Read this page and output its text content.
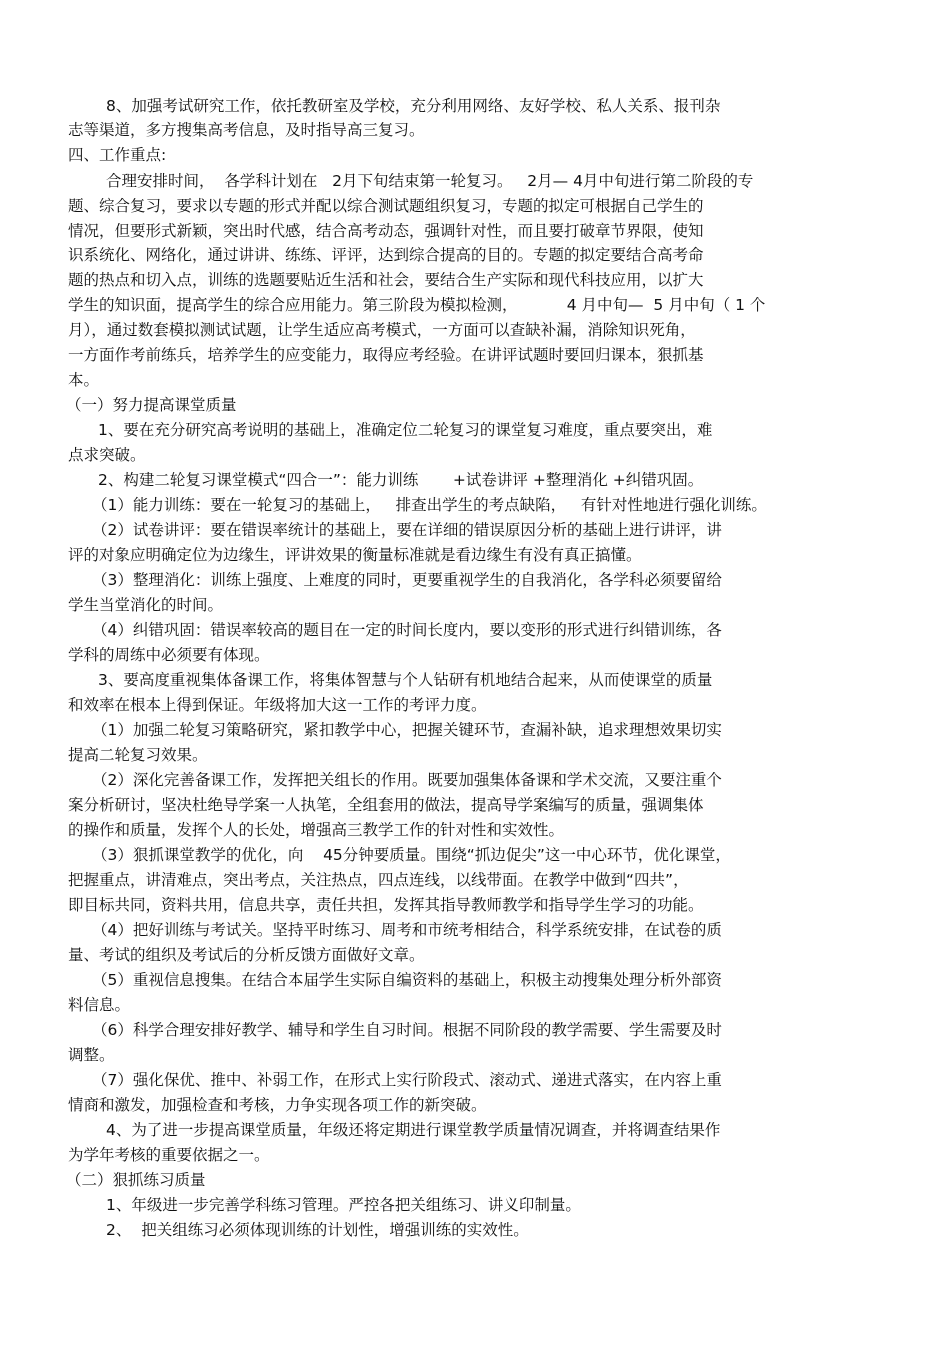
8、加强考试研究工作，依托教研室及学校，充分利用网络、友好学校、私人关系、报刊杂
志等渠道，多方搜集高考信息，及时指导高三复习。
四、工作重点:
合理安排时间，  各学科计划在   2月下旬结束第一轮复习。   2月— 4月中旬进行第二阶段的专
题、综合复习，要求以专题的形式并配以综合测试题组织复习，专题的拟定可根据自己学生的
情况，但要形式新颖，突出时代感，结合高考动态，强调针对性，而且要打破章节界限，使知
识系统化、网络化，通过讲讲、练练、评评，达到综合提高的目的。专题的拟定要结合高考命
题的热点和切入点，训练的选题要贴近生活和社会，要结合生产实际和现代科技应用，以扩大
学生的知识面，提高学生的综合应用能力。第三阶段为模拟检测，          4 月中旬—  5 月中旬（ 1 个
月），通过数套模拟测试试题，让学生适应高考模式，一方面可以查缺补漏，消除知识死角，
一方面作考前练兵，培养学生的应变能力，取得应考经验。在讲评试题时要回归课本，狠抓基
本。
（一）努力提高课堂质量
1、要在充分研究高考说明的基础上，准确定位二轮复习的课堂复习难度，重点要突出，难
点求突破。
2、构建二轮复习课堂模式“四合一”：能力训练       +试卷讲评 +整理消化 +纠错巩固。
（1）能力训练：要在一轮复习的基础上，   排查出学生的考点缺陷，   有针对性地进行强化训练。
（2）试卷讲评：要在错误率统计的基础上，要在详细的错误原因分析的基础上进行讲评，讲
评的对象应明确定位为边缘生，评讲效果的衡量标准就是看边缘生有没有真正搞懂。
（3）整理消化：训练上强度、上难度的同时，更要重视学生的自我消化，各学科必须要留给
学生当堂消化的时间。
（4）纠错巩固：错误率较高的题目在一定的时间长度内，要以变形的形式进行纠错训练，各
学科的周练中必须要有体现。
3、要高度重视集体备课工作，将集体智慧与个人钻研有机地结合起来，从而使课堂的质量
和效率在根本上得到保证。年级将加大这一工作的考评力度。
（1）加强二轮复习策略研究，紧扣教学中心，把握关键环节，查漏补缺，追求理想效果切实
提高二轮复习效果。
（2）深化完善备课工作，发挥把关组长的作用。既要加强集体备课和学术交流，又要注重个
案分析研讨，坚决杜绝导学案一人执笔，全组套用的做法，提高导学案编写的质量，强调集体
的操作和质量，发挥个人的长处，增强高三教学工作的针对性和实效性。
（3）狠抓课堂教学的优化，向    45分钟要质量。围绕“抓边促尖”这一中心环节，优化课堂，
把握重点，讲清难点，突出考点，关注热点，四点连线，以线带面。在教学中做到“四共”，
即目标共同，资料共用，信息共享，责任共担，发挥其指导教师教学和指导学生学习的功能。
（4）把好训练与考试关。坚持平时练习、周考和市统考相结合，科学系统安排，在试卷的质
量、考试的组织及考试后的分析反馈方面做好文章。
（5）重视信息搜集。在结合本届学生实际自编资料的基础上，积极主动搜集处理分析外部资
料信息。
（6）科学合理安排好教学、辅导和学生自习时间。根据不同阶段的教学需要、学生需要及时
调整。
（7）强化保优、推中、补弱工作，在形式上实行阶段式、滚动式、递进式落实，在内容上重
情商和激发，加强检查和考核，力争实现各项工作的新突破。
4、为了进一步提高课堂质量，年级还将定期进行课堂教学质量情况调查，并将调查结果作
为学年考核的重要依据之一。
（二）狠抓练习质量
1、年级进一步完善学科练习管理。严控各把关组练习、讲义印制量。
2、  把关组练习必须体现训练的计划性，增强训练的实效性。
